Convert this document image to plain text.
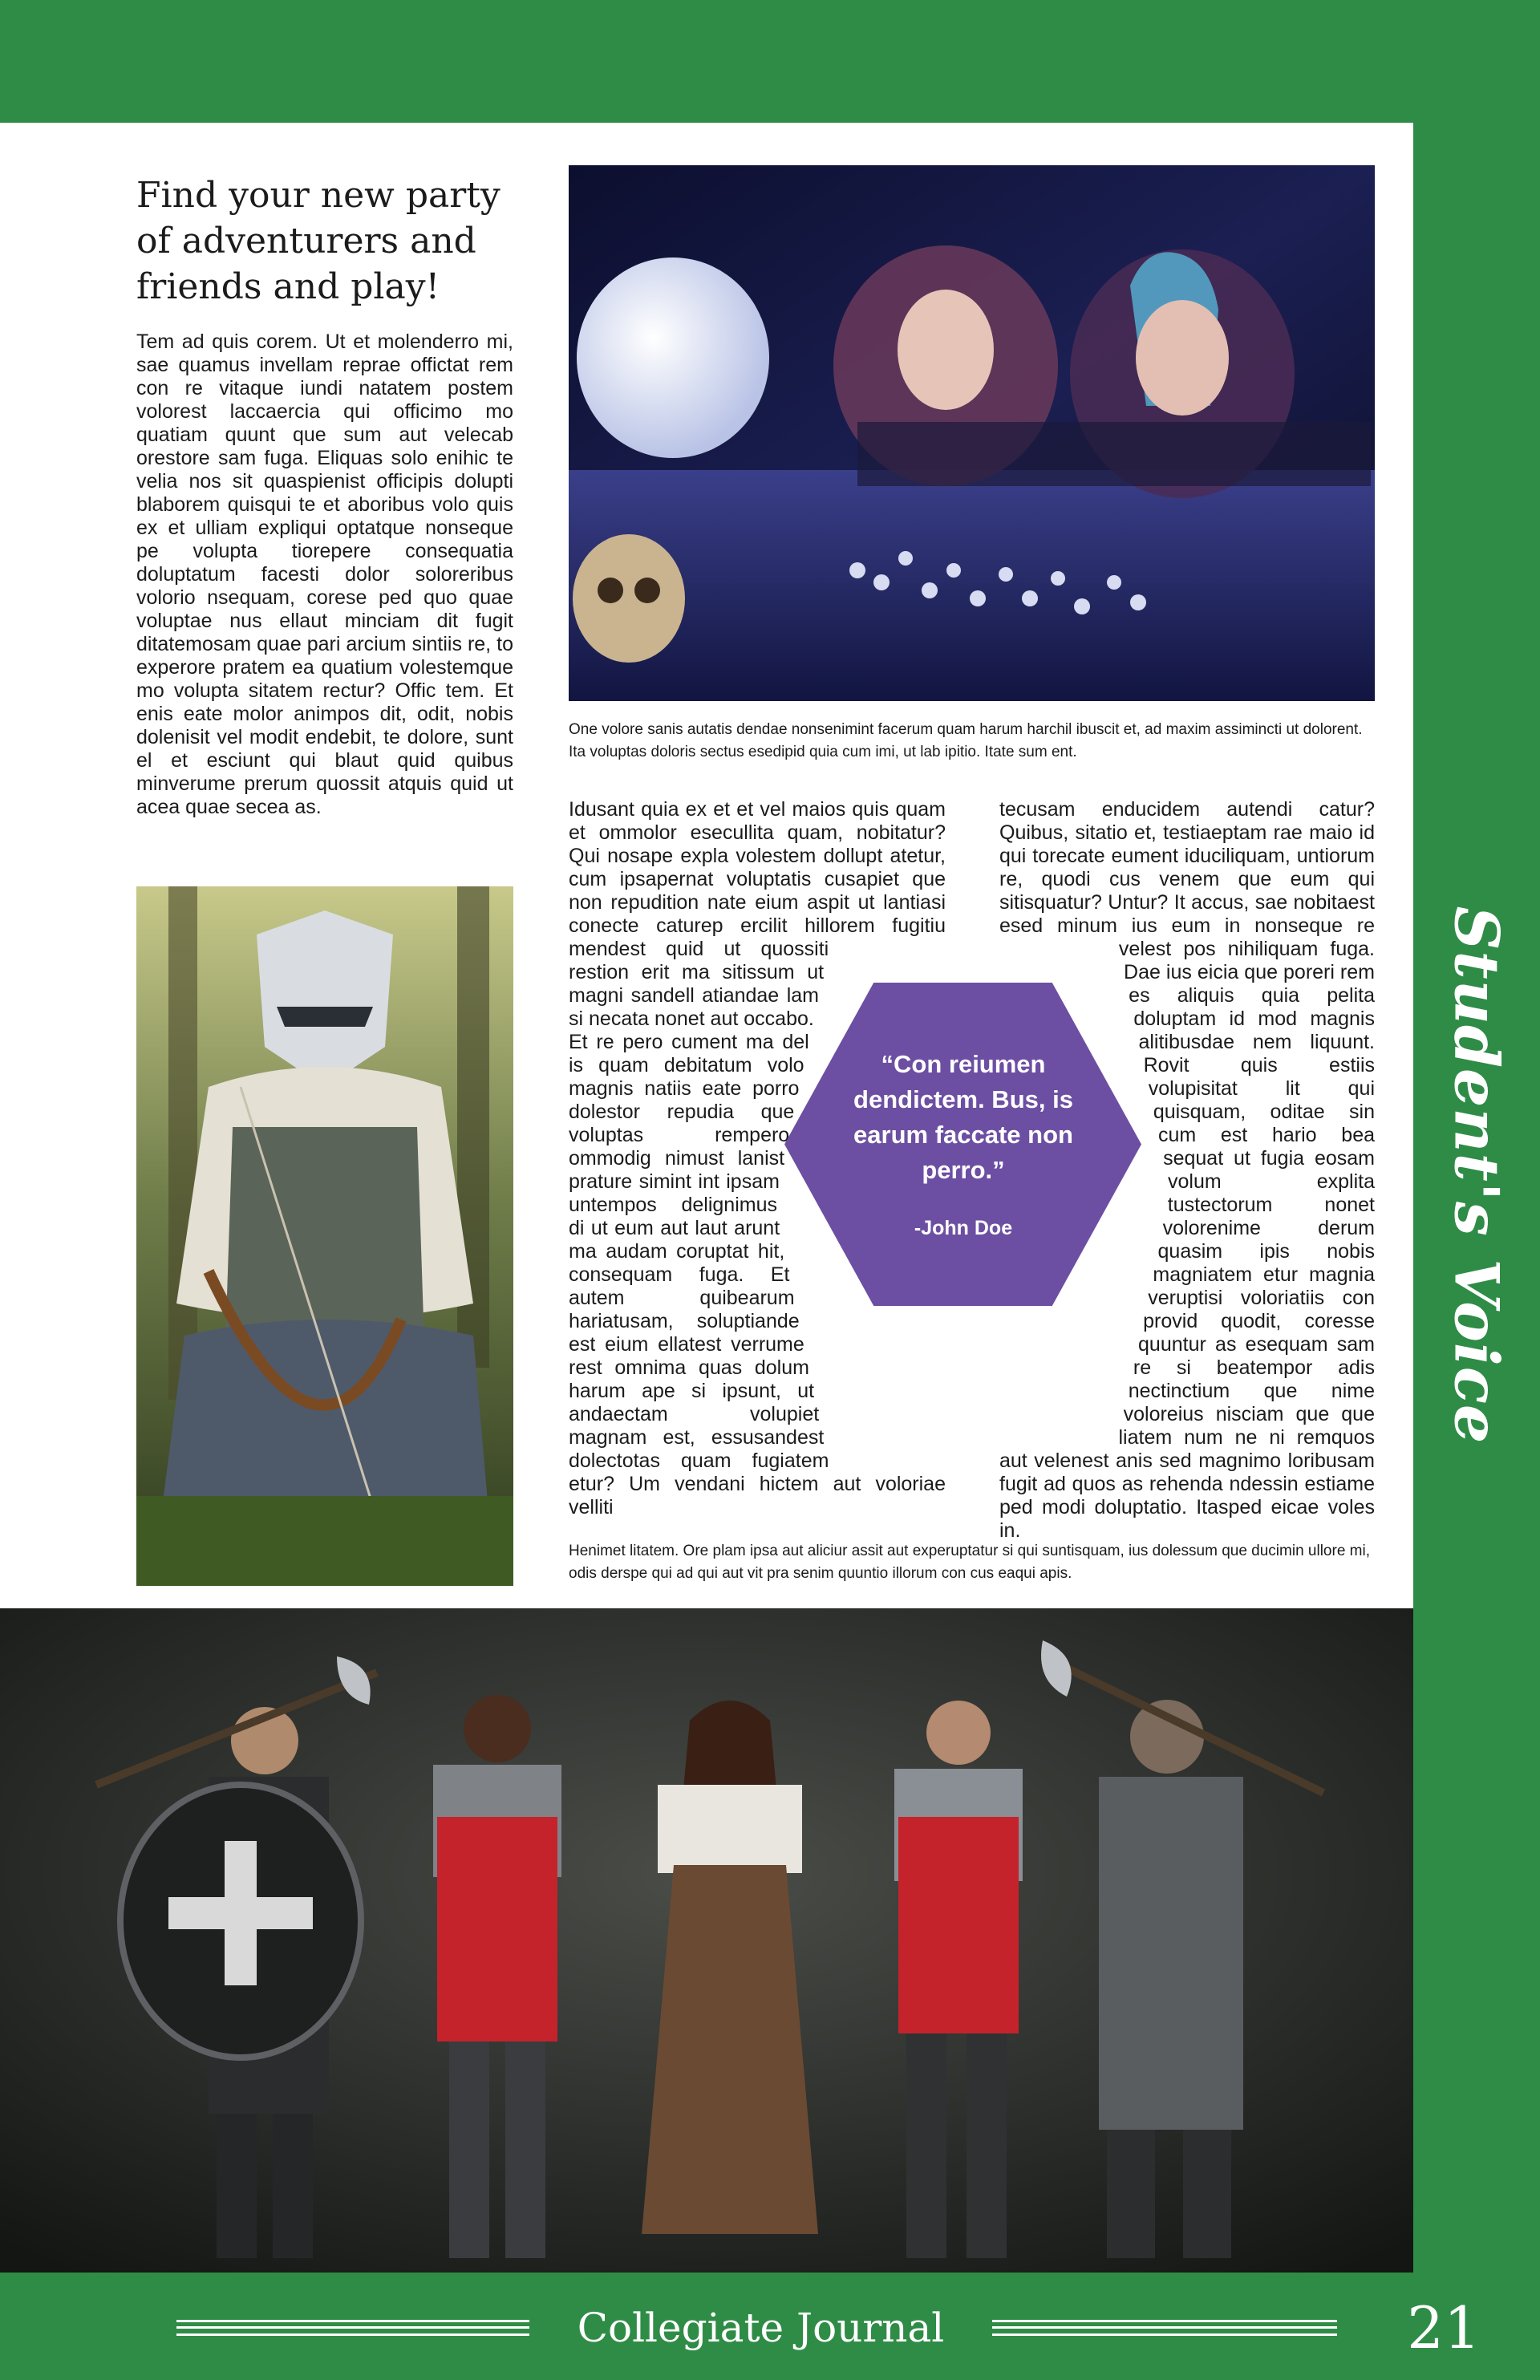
Student's Voice
Find your new party of adventurers and friends and play!

Tem ad quis corem. Ut et molenderro mi, sae quamus invellam reprae offictat rem con re vitaque iundi natatem postem volorest laccaercia qui officimo mo quatiam quunt que sum aut velecab orestore sam fuga. Eliquas solo enihic te velia nos sit quaspienist officipis dolupti blaborem quisqui te et aboribus volo quis ex et ulliam expliqui optatque nonseque pe volupta tiorepere consequatia doluptatum facesti dolor soloreribus volorio nsequam, corese ped quo quae voluptae nus ellaut minciam dit fugit ditatemosam quae pari arcium sintiis re, to experore pratem ea quatium volestemque mo volupta sitatem rectur? Offic tem. Et enis eate molor animpos dit, odit, nobis dolenisit vel modit endebit, te dolore, sunt el et esciunt qui blaut quid quibus minverume prerum quossit atquis quid ut acea quae secea as.

One volore sanis autatis dendae nonsenimint facerum quam harum harchil ibuscit et, ad maxim assimincti ut dolorent. Ita voluptas doloris sectus esedipid quia cum imi, ut lab ipitio. Itate sum ent.

Idusant quia ex et et vel maios quis quam et ommolor esecullita quam, nobitatur? Qui nosape expla volestem dollupt atetur, cum ipsapernat voluptatis cusapiet que non repudition nate eium aspit ut lantiasi conecte caturep ercilit hillorem fugitiu mendest quid ut quossiti restion erit ma sitissum ut magni sandell atiandae lam si necata nonet aut occabo. Et re pero cument ma del is quam debitatum volo magnis natiis eate porro dolestor repudia que voluptas rempero ommodig nimust lanist prature simint int ipsam untempos delignimus di ut eum aut laut arunt ma audam coruptat hit, consequam fuga. Et autem quibearum hariatusam, soluptiande est eium ellatest verrume rest omnima quas dolum harum ape si ipsunt, ut andaectam volupiet magnam est, essusandest dolectotas quam fugiatem etur? Um vendani hictem aut voloriae velliti
tecusam enducidem autendi catur? Quibus, sitatio et, testiaeptam rae maio id qui torecate eument iduciliquam, untiorum re, quodi cus venem que eum qui sitisquatur? Untur? It accus, sae nobitaest esed minum ius eum in nonseque re velest pos nihiliquam fuga. Dae ius eicia que poreri rem es aliquis quia pelita doluptam id mod magnis alitibusdae nem liquunt. Rovit quis estiis volupisitat lit qui quisquam, oditae sin cum est hario bea sequat ut fugia eosam volum explita tustectorum nonet volorenime derum quasim ipis nobis magniatem etur magnia veruptisi voloriatiis con provid quodit, coresse quuntur as esequam sam re si beatempor adis nectinctium que nime voloreius nisciam que que liatem num ne ni remquos aut velenest anis sed magnimo loribusam fugit ad quos as rehenda ndessin estiame ped modi doluptatio. Itasped eicae voles in.

“Con reiumen dendictem. Bus, is earum faccate non perro.”

-John Doe

Henimet litatem. Ore plam ipsa aut aliciur assit aut experuptatur si qui suntisquam, ius dolessum que ducimin ullore mi, odis derspe qui ad qui aut vit pra senim quuntio illorum con cus eaqui apis.

Collegiate Journal	21
